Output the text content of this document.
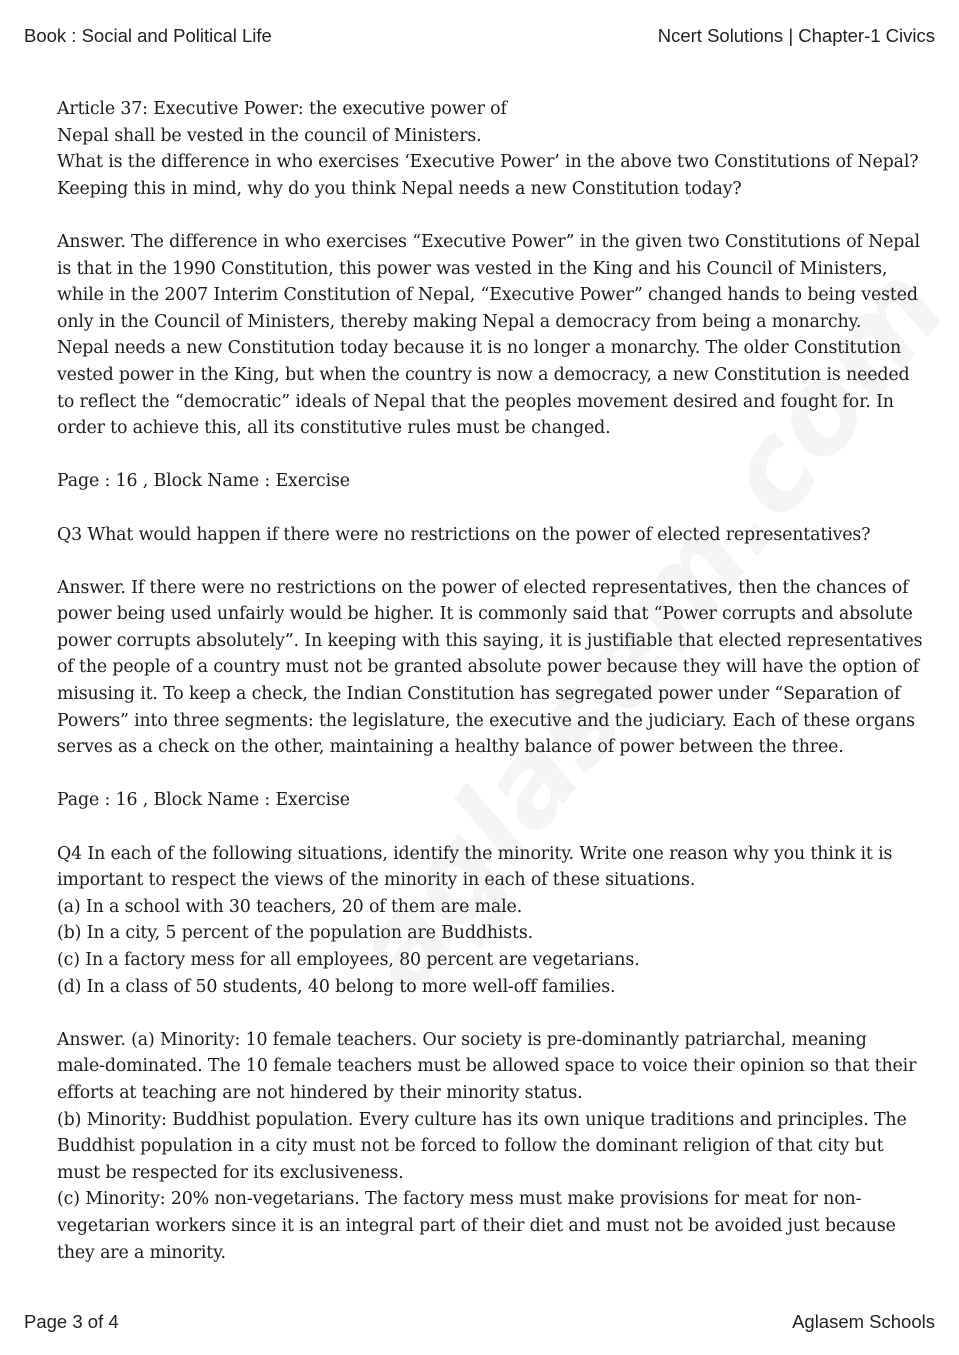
Book : Social and Political Life	Ncert Solutions | Chapter-1 Civics
Article 37: Executive Power: the executive power of
Nepal shall be vested in the council of Ministers.
What is the difference in who exercises ‘Executive Power’ in the above two Constitutions of Nepal?
Keeping this in mind, why do you think Nepal needs a new Constitution today?
Answer. The difference in who exercises “Executive Power” in the given two Constitutions of Nepal
is that in the 1990 Constitution, this power was vested in the King and his Council of Ministers,
while in the 2007 Interim Constitution of Nepal, “Executive Power” changed hands to being vested
only in the Council of Ministers, thereby making Nepal a democracy from being a monarchy.
Nepal needs a new Constitution today because it is no longer a monarchy. The older Constitution
vested power in the King, but when the country is now a democracy, a new Constitution is needed
to reflect the “democratic” ideals of Nepal that the peoples movement desired and fought for. In
order to achieve this, all its constitutive rules must be changed.
Page : 16 , Block Name : Exercise
Q3 What would happen if there were no restrictions on the power of elected representatives?
Answer. If there were no restrictions on the power of elected representatives, then the chances of
power being used unfairly would be higher. It is commonly said that “Power corrupts and absolute
power corrupts absolutely”. In keeping with this saying, it is justifiable that elected representatives
of the people of a country must not be granted absolute power because they will have the option of
misusing it. To keep a check, the Indian Constitution has segregated power under “Separation of
Powers” into three segments: the legislature, the executive and the judiciary. Each of these organs
serves as a check on the other, maintaining a healthy balance of power between the three.
Page : 16 , Block Name : Exercise
Q4 In each of the following situations, identify the minority. Write one reason why you think it is
important to respect the views of the minority in each of these situations.
(a) In a school with 30 teachers, 20 of them are male.
(b) In a city, 5 percent of the population are Buddhists.
(c) In a factory mess for all employees, 80 percent are vegetarians.
(d) In a class of 50 students, 40 belong to more well-off families.
Answer. (a) Minority: 10 female teachers. Our society is pre-dominantly patriarchal, meaning
male-dominated. The 10 female teachers must be allowed space to voice their opinion so that their
efforts at teaching are not hindered by their minority status.
(b) Minority: Buddhist population. Every culture has its own unique traditions and principles. The
Buddhist population in a city must not be forced to follow the dominant religion of that city but
must be respected for its exclusiveness.
(c) Minority: 20% non-vegetarians. The factory mess must make provisions for meat for non-
vegetarian workers since it is an integral part of their diet and must not be avoided just because
they are a minority.
Page 3 of 4	Aglasem Schools
